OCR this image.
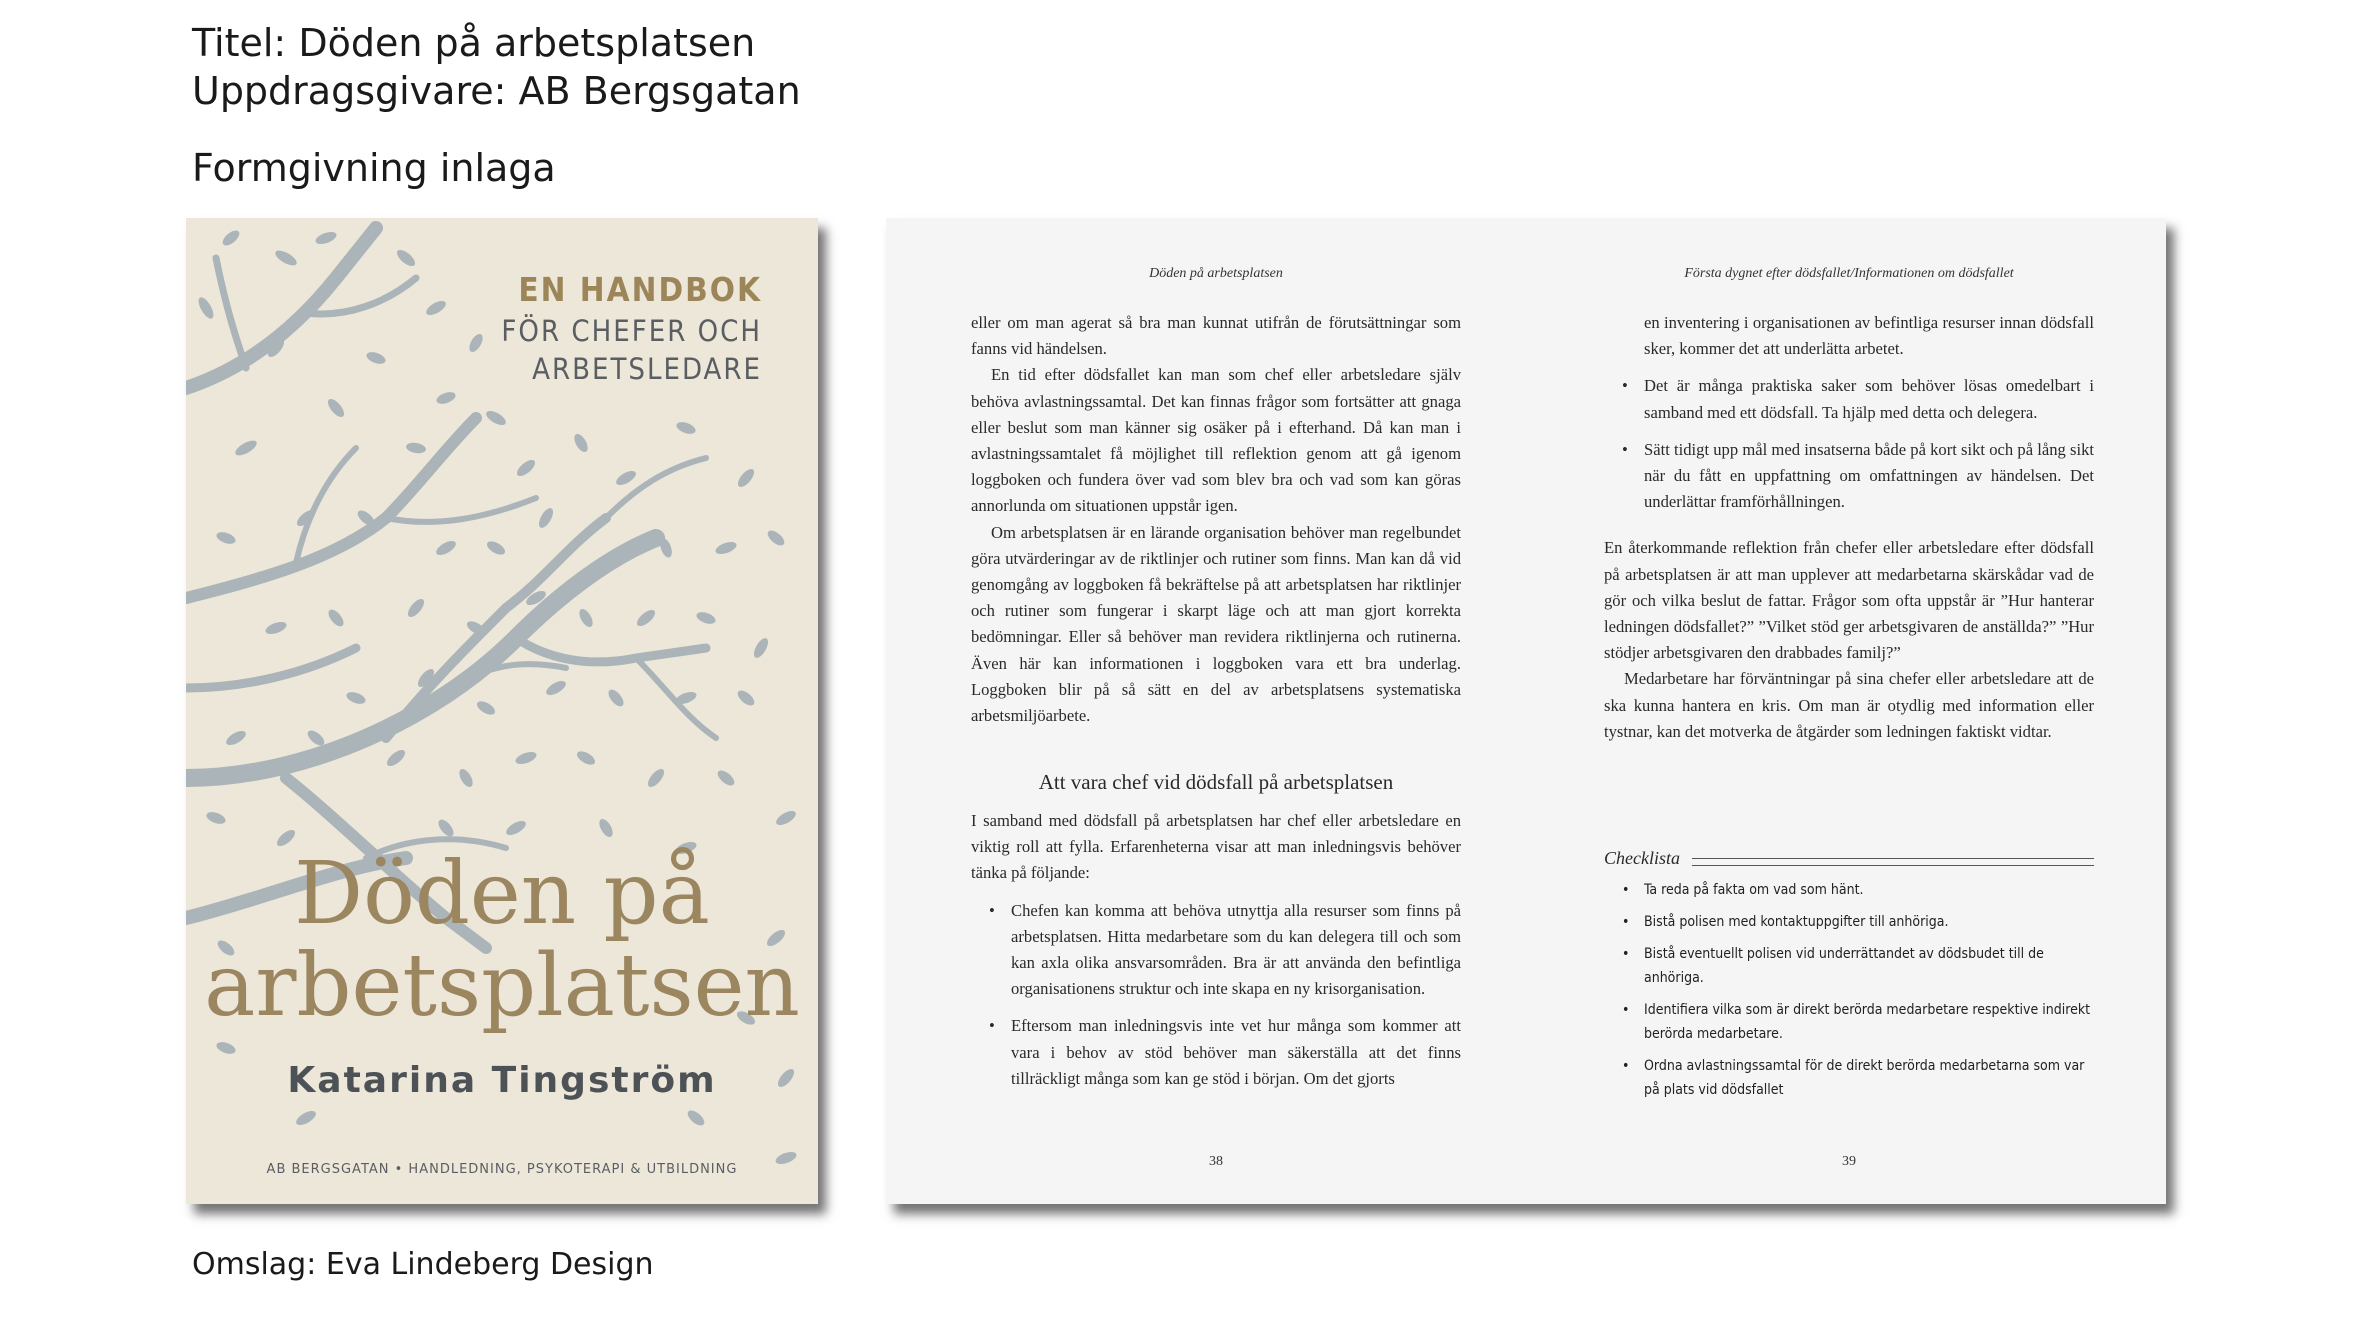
Titel: Döden på arbetsplatsen
Uppdragsgivare: AB Bergsgatan
Formgivning inlaga
EN HANDBOK
FÖR CHEFER OCH
ARBETSLEDARE
Döden på
arbetsplatsen
Katarina Tingström
AB BERGSGATAN • HANDLEDNING, PSYKOTERAPI & UTBILDNING
Döden på arbetsplatsen

eller om man agerat så bra man kunnat utifrån de förutsättningar som fanns vid händelsen.

En tid efter dödsfallet kan man som chef eller arbetsledare själv behöva avlastningssamtal. Det kan finnas frågor som fortsätter att gnaga eller beslut som man känner sig osäker på i efterhand. Då kan man i avlastningssamtalet få möjlighet till reflektion genom att gå igenom loggboken och fundera över vad som blev bra och vad som kan göras annorlunda om situationen uppstår igen.

Om arbetsplatsen är en lärande organisation behöver man regelbundet göra utvärderingar av de riktlinjer och rutiner som finns. Man kan då vid genomgång av loggboken få bekräftelse på att arbetsplatsen har riktlinjer och rutiner som fungerar i skarpt läge och att man gjort korrekta bedömningar. Eller så behöver man revidera riktlinjerna och rutinerna. Även här kan informationen i loggboken vara ett bra underlag. Loggboken blir på så sätt en del av arbetsplatsens systematiska arbetsmiljöarbete.

Att vara chef vid dödsfall på arbetsplatsen

I samband med dödsfall på arbetsplatsen har chef eller arbetsledare en viktig roll att fylla. Erfarenheterna visar att man inledningsvis behöver tänka på följande:

• Chefen kan komma att behöva utnyttja alla resurser som finns på arbetsplatsen. Hitta medarbetare som du kan delegera till och som kan axla olika ansvarsområden. Bra är att använda den befintliga organisationens struktur och inte skapa en ny krisorganisation.
• Eftersom man inledningsvis inte vet hur många som kommer att vara i behov av stöd behöver man säkerställa att det finns tillräckligt många som kan ge stöd i början. Om det gjorts
38
Första dygnet efter dödsfallet/Informationen om dödsfallet

en inventering i organisationen av befintliga resurser innan dödsfall sker, kommer det att underlätta arbetet.

• Det är många praktiska saker som behöver lösas omedelbart i samband med ett dödsfall. Ta hjälp med detta och delegera.
• Sätt tidigt upp mål med insatserna både på kort sikt och på lång sikt när du fått en uppfattning om omfattningen av händelsen. Det underlättar framförhållningen.

En återkommande reflektion från chefer eller arbetsledare efter dödsfall på arbetsplatsen är att man upplever att medarbetarna skärskådar vad de gör och vilka beslut de fattar. Frågor som ofta uppstår är ”Hur hanterar ledningen dödsfallet?” ”Vilket stöd ger arbetsgivaren de anställda?” ”Hur stödjer arbetsgivaren den drabbades familj?”

Medarbetare har förväntningar på sina chefer eller arbetsledare att de ska kunna hantera en kris. Om man är otydlig med information eller tystnar, kan det motverka de åtgärder som ledningen faktiskt vidtar.

Checklista
• Ta reda på fakta om vad som hänt.
• Bistå polisen med kontaktuppgifter till anhöriga.
• Bistå eventuellt polisen vid underrättandet av dödsbudet till de anhöriga.
• Identifiera vilka som är direkt berörda medarbetare respektive indirekt berörda medarbetare.
• Ordna avlastningssamtal för de direkt berörda medarbetarna som var på plats vid dödsfallet
39
Omslag: Eva Lindeberg Design
